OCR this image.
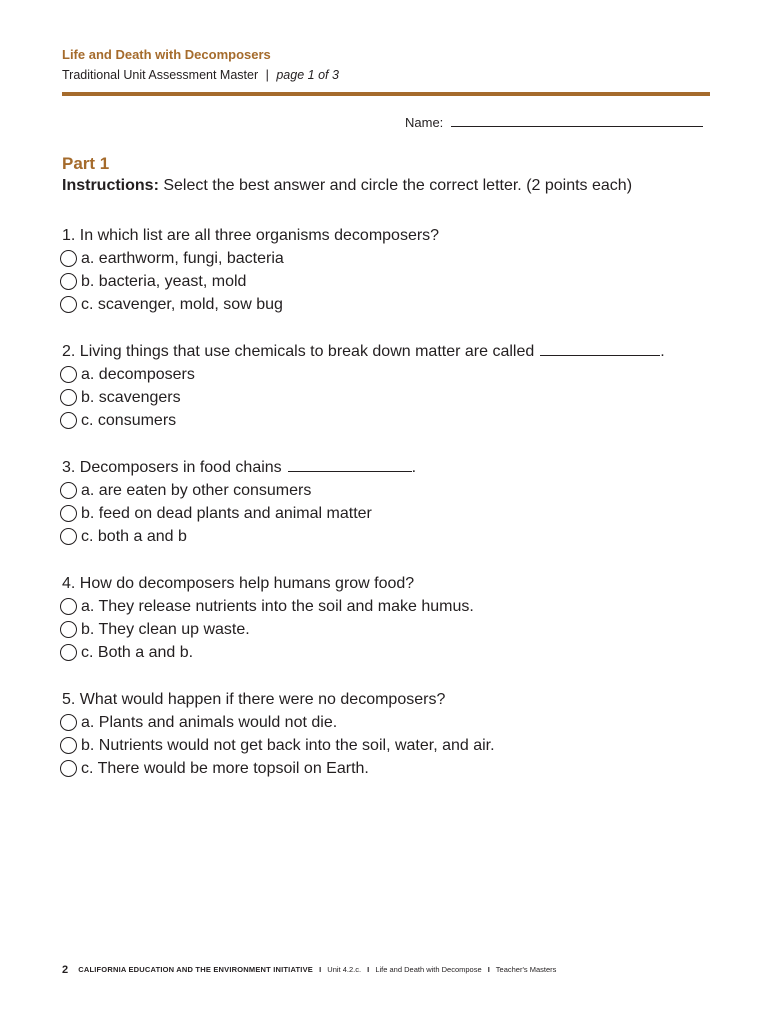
Life and Death with Decomposers
Traditional Unit Assessment Master | page 1 of 3
Name:
Part 1
Instructions: Select the best answer and circle the correct letter. (2 points each)
1. In which list are all three organisms decomposers?
a. earthworm, fungi, bacteria
b. bacteria, yeast, mold
c. scavenger, mold, sow bug
2. Living things that use chemicals to break down matter are called	.
a. decomposers
b. scavengers
c. consumers
3. Decomposers in food chains	.
a. are eaten by other consumers
b. feed on dead plants and animal matter
c. both a and b
4. How do decomposers help humans grow food?
a. They release nutrients into the soil and make humus.
b. They clean up waste.
c. Both a and b.
5. What would happen if there were no decomposers?
a. Plants and animals would not die.
b. Nutrients would not get back into the soil, water, and air.
c. There would be more topsoil on Earth.
2 CALIFORNIA EDUCATION AND THE ENVIRONMENT INITIATIVE I Unit 4.2.c. I Life and Death with Decompose I Teacher's Masters
